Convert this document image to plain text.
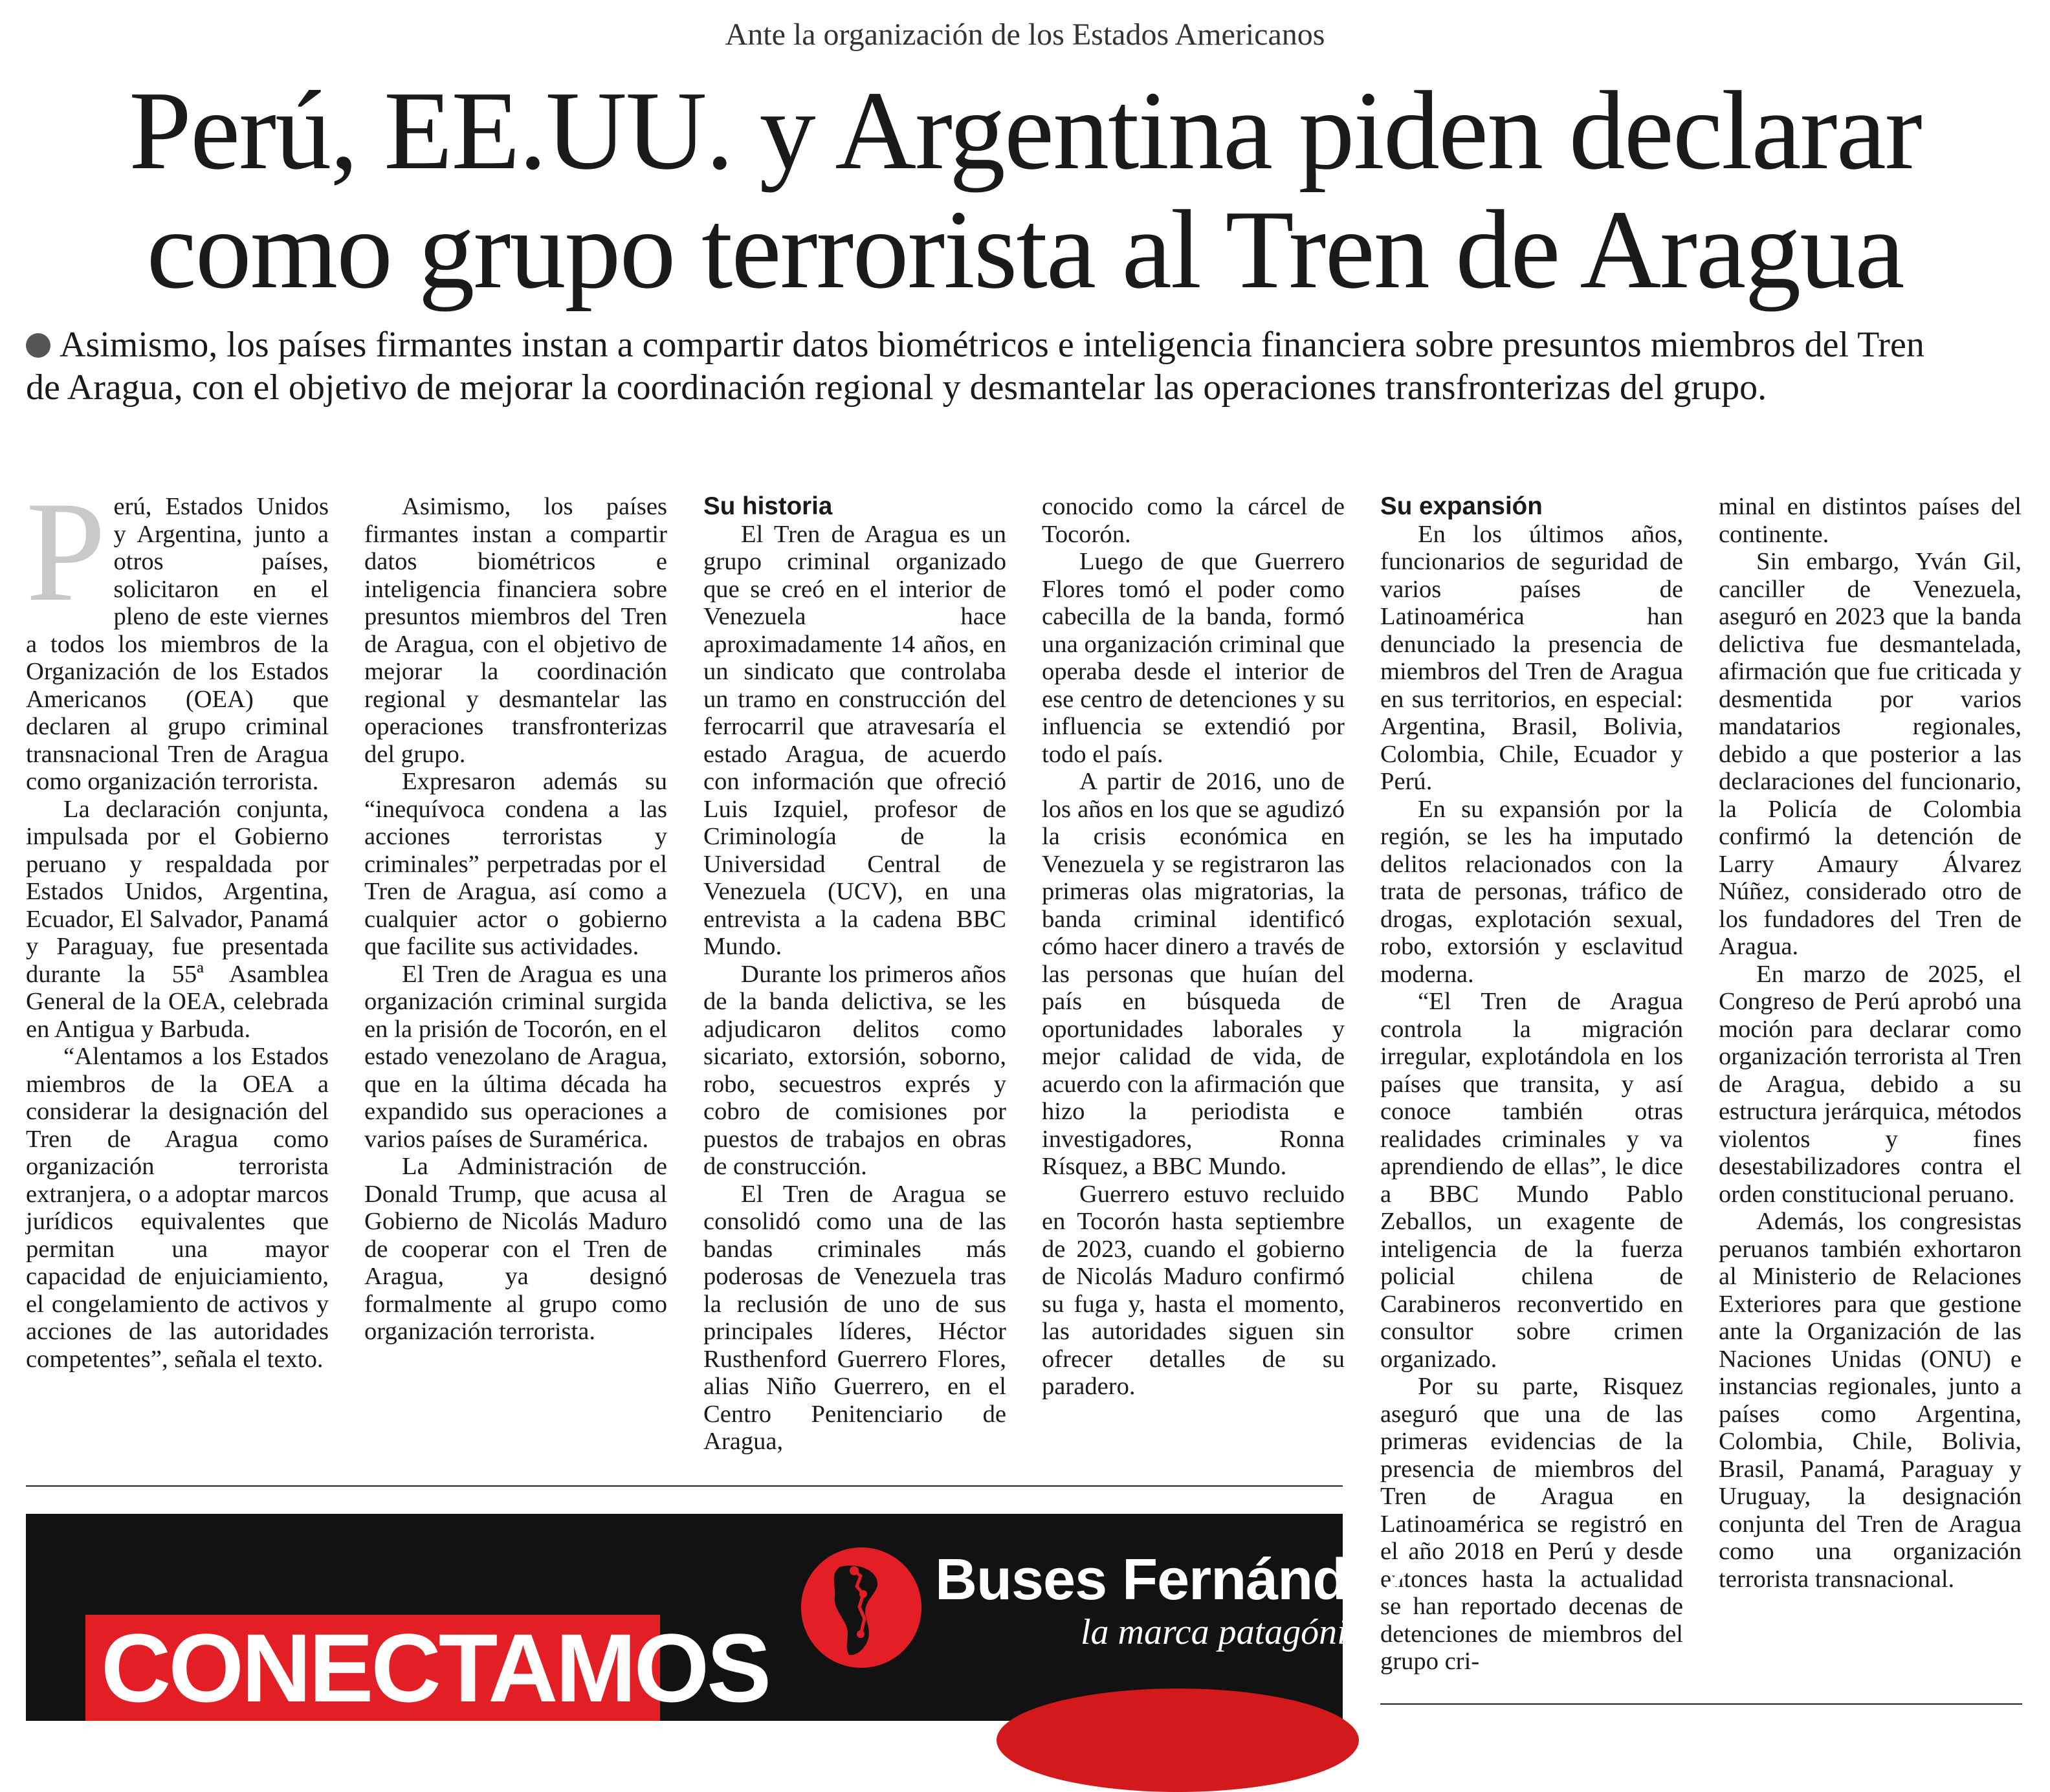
Ante la organización de los Estados Americanos
Perú, EE.UU. y Argentina piden declarar
como grupo terrorista al Tren de Aragua
Asimismo, los países firmantes instan a compartir datos biométricos e inteligencia financiera sobre presuntos miembros del Tren de Aragua, con el objetivo de mejorar la coordinación regional y desmantelar las operaciones transfronterizas del grupo.

Perú, Estados Unidos y Argentina, junto a otros países, solicitaron en el pleno de este viernes a todos los miembros de la Organización de los Estados Americanos (OEA) que declaren al grupo criminal transnacional Tren de Aragua como organización terrorista.

La declaración conjunta, impulsada por el Gobierno peruano y respaldada por Estados Unidos, Argentina, Ecuador, El Salvador, Panamá y Paraguay, fue presentada durante la 55ª Asamblea General de la OEA, celebrada en Antigua y Barbuda.

“Alentamos a los Estados miembros de la OEA a considerar la designación del Tren de Aragua como organización terrorista extranjera, o a adoptar marcos jurídicos equivalentes que permitan una mayor capacidad de enjuiciamiento, el congelamiento de activos y acciones de las autoridades competentes”, señala el texto.

Asimismo, los países firmantes instan a compartir datos biométricos e inteligencia financiera sobre presuntos miembros del Tren de Aragua, con el objetivo de mejorar la coordinación regional y desmantelar las operaciones transfronterizas del grupo.

Expresaron además su “inequívoca condena a las acciones terroristas y criminales” perpetradas por el Tren de Aragua, así como a cualquier actor o gobierno que facilite sus actividades.

El Tren de Aragua es una organización criminal surgida en la prisión de Tocorón, en el estado venezolano de Aragua, que en la última década ha expandido sus operaciones a varios países de Suramérica.

La Administración de Donald Trump, que acusa al Gobierno de Nicolás Maduro de cooperar con el Tren de Aragua, ya designó formalmente al grupo como organización terrorista.

Su historia

El Tren de Aragua es un grupo criminal organizado que se creó en el interior de Venezuela hace aproximadamente 14 años, en un sindicato que controlaba un tramo en construcción del ferrocarril que atravesaría el estado Aragua, de acuerdo con información que ofreció Luis Izquiel, profesor de Criminología de la Universidad Central de Venezuela (UCV), en una entrevista a la cadena BBC Mundo.

Durante los primeros años de la banda delictiva, se les adjudicaron delitos como sicariato, extorsión, soborno, robo, secuestros exprés y cobro de comisiones por puestos de trabajos en obras de construcción.

El Tren de Aragua se consolidó como una de las bandas criminales más poderosas de Venezuela tras la reclusión de uno de sus principales líderes, Héctor Rusthenford Guerrero Flores, alias Niño Guerrero, en el Centro Penitenciario de Aragua,

conocido como la cárcel de Tocorón.

Luego de que Guerrero Flores tomó el poder como cabecilla de la banda, formó una organización criminal que operaba desde el interior de ese centro de detenciones y su influencia se extendió por todo el país.

A partir de 2016, uno de los años en los que se agudizó la crisis económica en Venezuela y se registraron las primeras olas migratorias, la banda criminal identificó cómo hacer dinero a través de las personas que huían del país en búsqueda de oportunidades laborales y mejor calidad de vida, de acuerdo con la afirmación que hizo la periodista e investigadores, Ronna Rísquez, a BBC Mundo.

Guerrero estuvo recluido en Tocorón hasta septiembre de 2023, cuando el gobierno de Nicolás Maduro confirmó su fuga y, hasta el momento, las autoridades siguen sin ofrecer detalles de su paradero.

Su expansión

En los últimos años, funcionarios de seguridad de varios países de Latinoamérica han denunciado la presencia de miembros del Tren de Aragua en sus territorios, en especial: Argentina, Brasil, Bolivia, Colombia, Chile, Ecuador y Perú.

En su expansión por la región, se les ha imputado delitos relacionados con la trata de personas, tráfico de drogas, explotación sexual, robo, extorsión y esclavitud moderna.

“El Tren de Aragua controla la migración irregular, explotándola en los países que transita, y así conoce también otras realidades criminales y va aprendiendo de ellas”, le dice a BBC Mundo Pablo Zeballos, un exagente de inteligencia de la fuerza policial chilena de Carabineros reconvertido en consultor sobre crimen organizado.

Por su parte, Risquez aseguró que una de las primeras evidencias de la presencia de miembros del Tren de Aragua en Latinoamérica se registró en el año 2018 en Perú y desde entonces hasta la actualidad se han reportado decenas de detenciones de miembros del grupo cri-

minal en distintos países del continente.

Sin embargo, Yván Gil, canciller de Venezuela, aseguró en 2023 que la banda delictiva fue desmantelada, afirmación que fue criticada y desmentida por varios mandatarios regionales, debido a que posterior a las declaraciones del funcionario, la Policía de Colombia confirmó la detención de Larry Amaury Álvarez Núñez, considerado otro de los fundadores del Tren de Aragua.

En marzo de 2025, el Congreso de Perú aprobó una moción para declarar como organización terrorista al Tren de Aragua, debido a su estructura jerárquica, métodos violentos y fines desestabilizadores contra el orden constitucional peruano.

Además, los congresistas peruanos también exhortaron al Ministerio de Relaciones Exteriores para que gestione ante la Organización de las Naciones Unidas (ONU) e instancias regionales, junto a países como Argentina, Colombia, Chile, Bolivia, Brasil, Panamá, Paraguay y Uruguay, la designación conjunta del Tren de Aragua como una organización terrorista transnacional.

CONECTAMOS
Buses Fernández
la marca patagónica
